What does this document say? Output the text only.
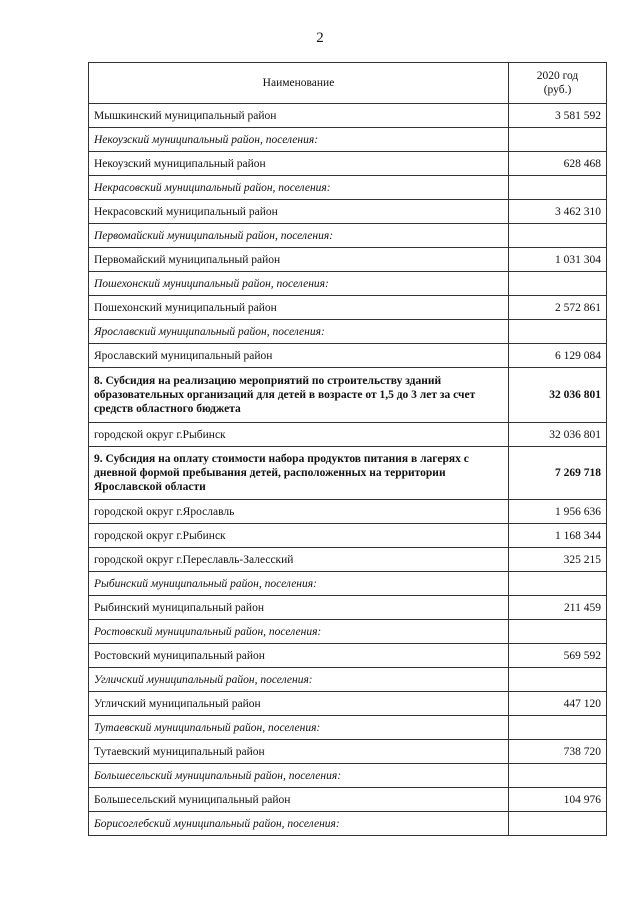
2
Наименование	2020 год
(руб.)
Мышкинский муниципальный район	3 581 592
Некоузский муниципальный район, поселения:	
Некоузский муниципальный район	628 468
Некрасовский муниципальный район, поселения:	
Некрасовский муниципальный район	3 462 310
Первомайский муниципальный район, поселения:	
Первомайский муниципальный район	1 031 304
Пошехонский муниципальный район, поселения:	
Пошехонский муниципальный район	2 572 861
Ярославский муниципальный район, поселения:	
Ярославский муниципальный район	6 129 084
8. Субсидия на реализацию мероприятий по строительству зданий образовательных организаций для детей в возрасте от 1,5 до 3 лет за счет средств областного бюджета	32 036 801
городской округ г.Рыбинск	32 036 801
9. Субсидия на оплату стоимости набора продуктов питания в лагерях с дневной формой пребывания детей, расположенных на территории Ярославской области	7 269 718
городской округ г.Ярославль	1 956 636
городской округ г.Рыбинск	1 168 344
городской округ г.Переславль-Залесский	325 215
Рыбинский муниципальный район, поселения:	
Рыбинский муниципальный район	211 459
Ростовский муниципальный район, поселения:	
Ростовский муниципальный район	569 592
Угличский муниципальный район, поселения:	
Угличский муниципальный район	447 120
Тутаевский муниципальный район, поселения:	
Тутаевский муниципальный район	738 720
Большесельский муниципальный район, поселения:	
Большесельский муниципальный район	104 976
Борисоглебский муниципальный район, поселения:	
